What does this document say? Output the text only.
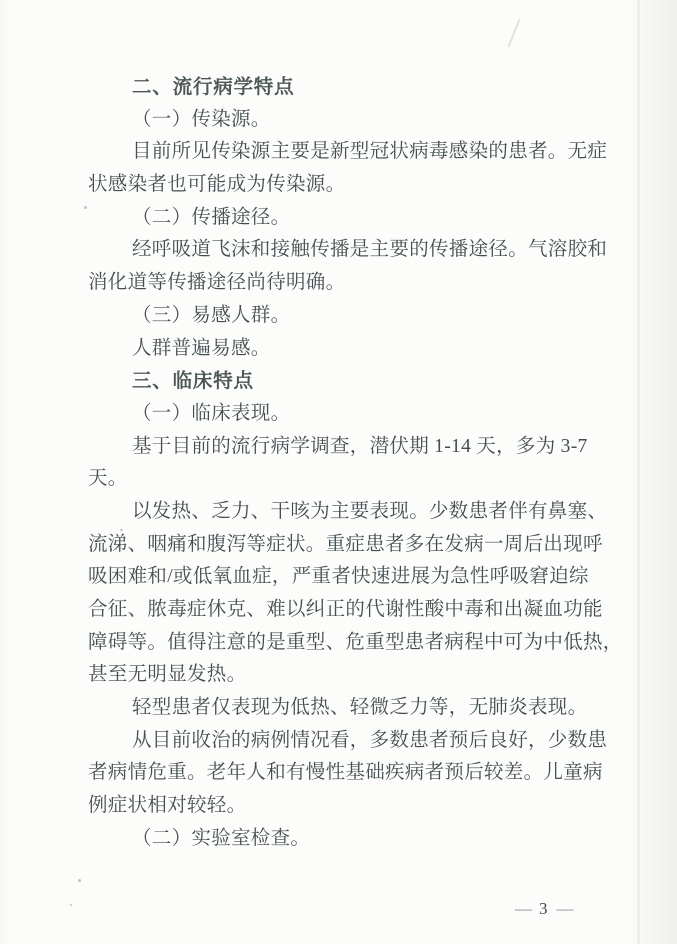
二、流行病学特点
（一）传染源。
目前所见传染源主要是新型冠状病毒感染的患者。无症
状感染者也可能成为传染源。
（二）传播途径。
经呼吸道飞沫和接触传播是主要的传播途径。气溶胶和
消化道等传播途径尚待明确。
（三）易感人群。
人群普遍易感。
三、临床特点
（一）临床表现。
基于目前的流行病学调查，潜伏期 1-14 天，多为 3-7
天。
以发热、乏力、干咳为主要表现。少数患者伴有鼻塞、
流涕、咽痛和腹泻等症状。重症患者多在发病一周后出现呼
吸困难和/或低氧血症，严重者快速进展为急性呼吸窘迫综
合征、脓毒症休克、难以纠正的代谢性酸中毒和出凝血功能
障碍等。值得注意的是重型、危重型患者病程中可为中低热，
甚至无明显发热。
轻型患者仅表现为低热、轻微乏力等，无肺炎表现。
从目前收治的病例情况看，多数患者预后良好，少数患
者病情危重。老年人和有慢性基础疾病者预后较差。儿童病
例症状相对较轻。
（二）实验室检查。
— 3 —
